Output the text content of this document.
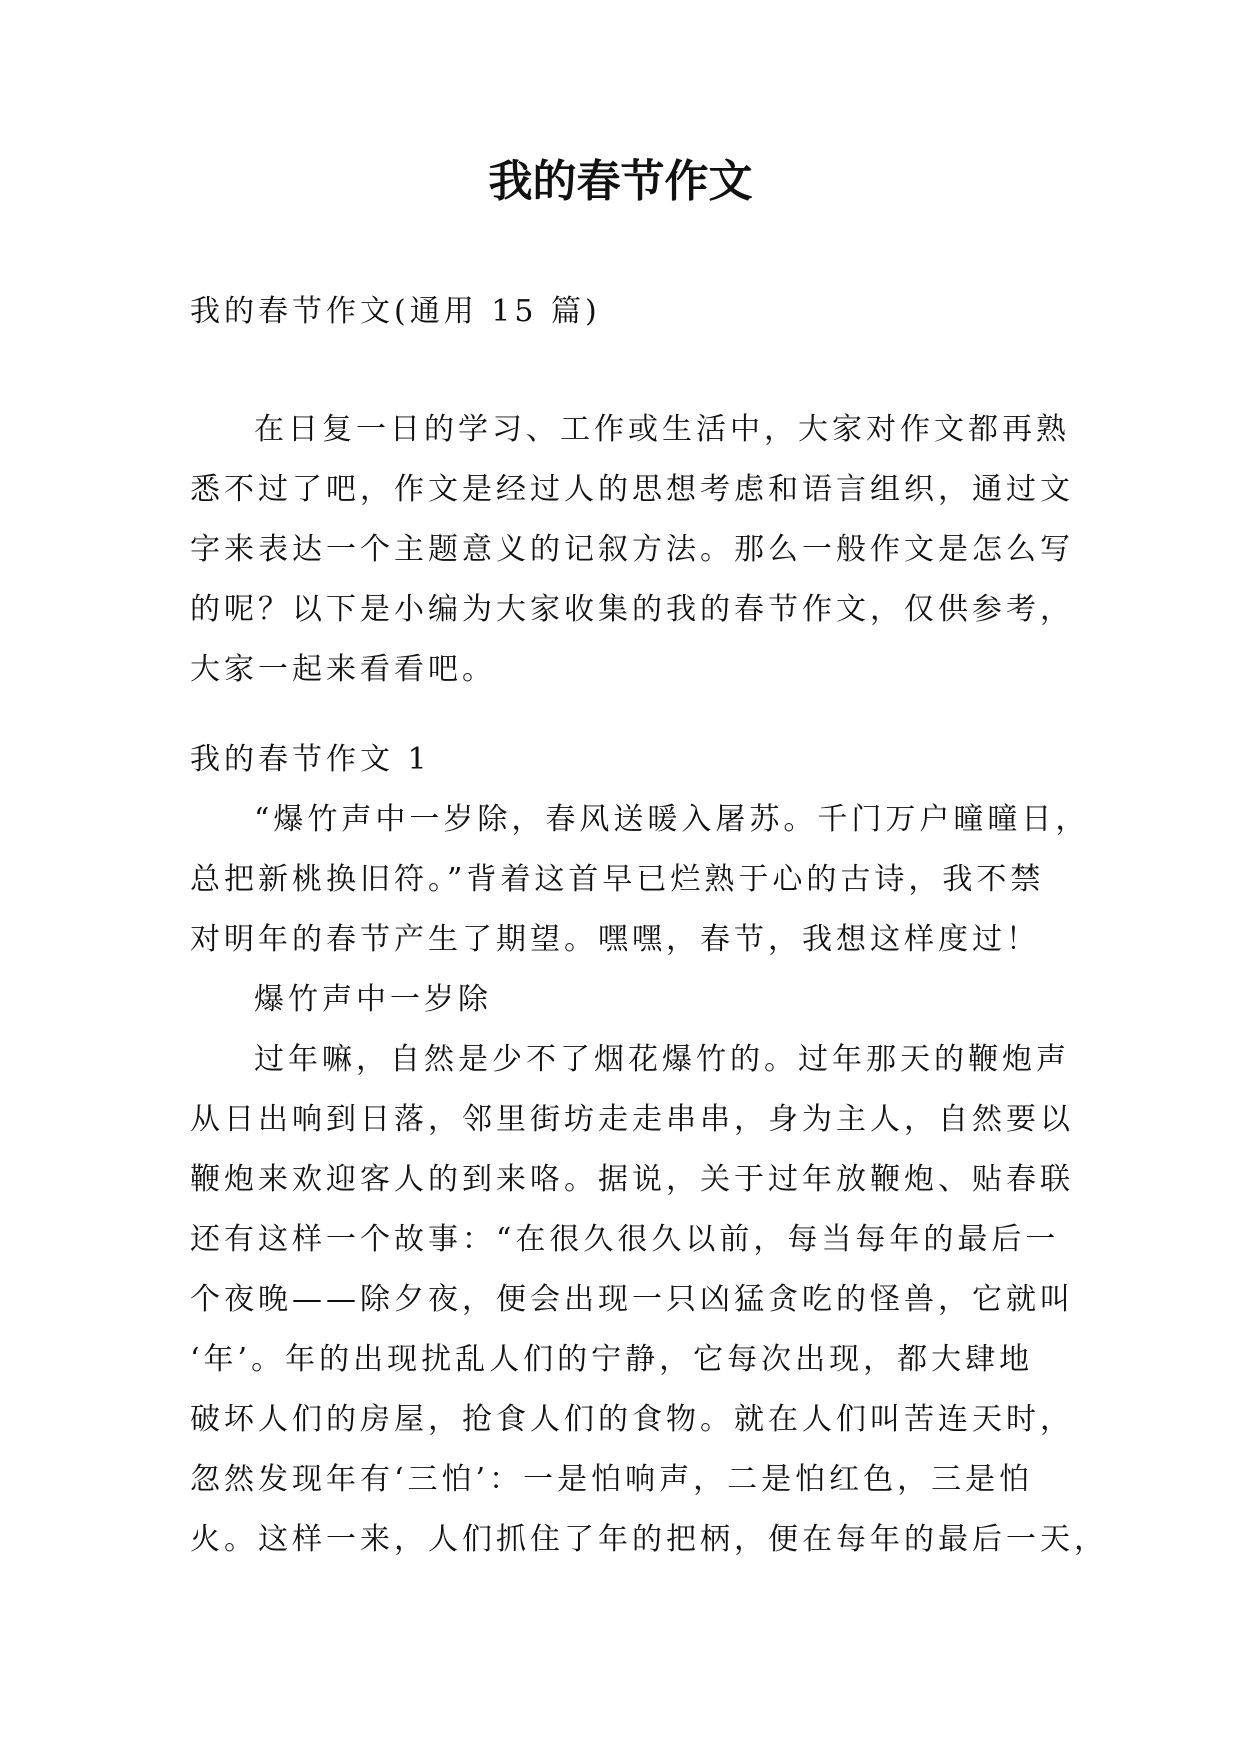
我的春节作文

我的春节作文(通用 15 篇)

在日复一日的学习、工作或生活中，大家对作文都再熟
悉不过了吧，作文是经过人的思想考虑和语言组织，通过文
字来表达一个主题意义的记叙方法。那么一般作文是怎么写
的呢？以下是小编为大家收集的我的春节作文，仅供参考，
大家一起来看看吧。

我的春节作文 1

“爆竹声中一岁除，春风送暖入屠苏。千门万户曈曈日，
总把新桃换旧符。”背着这首早已烂熟于心的古诗，我不禁
对明年的春节产生了期望。嘿嘿，春节，我想这样度过！
爆竹声中一岁除
过年嘛，自然是少不了烟花爆竹的。过年那天的鞭炮声
从日出响到日落，邻里街坊走走串串，身为主人，自然要以
鞭炮来欢迎客人的到来咯。据说，关于过年放鞭炮、贴春联
还有这样一个故事：“在很久很久以前，每当每年的最后一
个夜晚——除夕夜，便会出现一只凶猛贪吃的怪兽，它就叫
‘年’。年的出现扰乱人们的宁静，它每次出现，都大肆地
破坏人们的房屋，抢食人们的食物。就在人们叫苦连天时，
忽然发现年有‘三怕’：一是怕响声，二是怕红色，三是怕
火。这样一来，人们抓住了年的把柄，便在每年的最后一天，
